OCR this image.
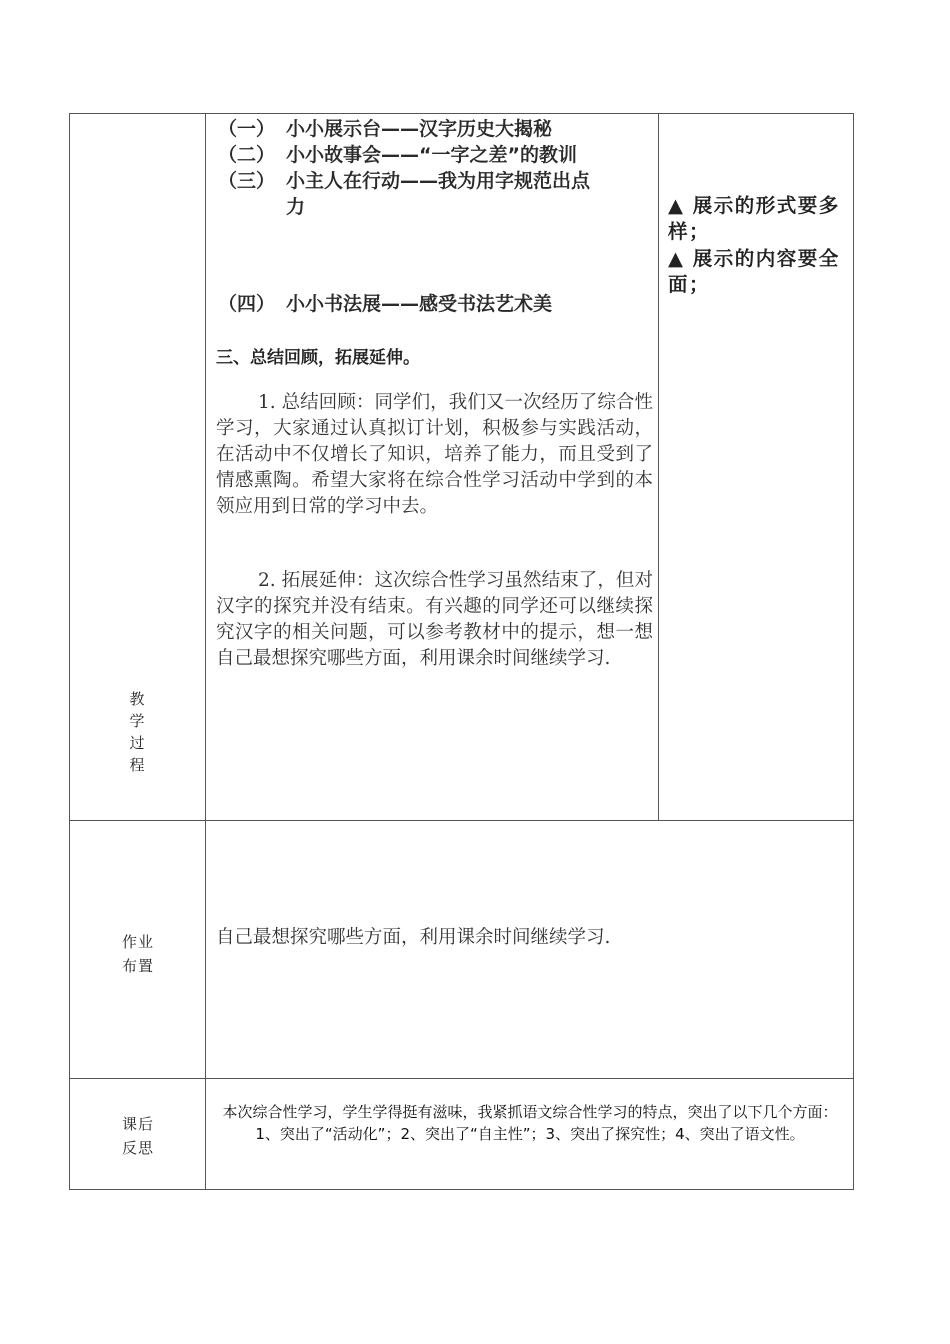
教
学
过
程
（一） 小小展示台——汉字历史大揭秘
（二） 小小故事会——“一字之差”的教训
（三） 小主人在行动——我为用字规范出点
力
（四） 小小书法展——感受书法艺术美
三、总结回顾，拓展延伸。
1. 总结回顾：同学们，我们又一次经历了综合性学习，大家通过认真拟订计划，积极参与实践活动，在活动中不仅增长了知识，培养了能力，而且受到了情感熏陶。希望大家将在综合性学习活动中学到的本领应用到日常的学习中去。
2. 拓展延伸：这次综合性学习虽然结束了，但对汉字的探究并没有结束。有兴趣的同学还可以继续探究汉字的相关问题，可以参考教材中的提示，想一想自己最想探究哪些方面，利用课余时间继续学习.
▲ 展示的形式要多样；
▲ 展示的内容要全面；
作业
布置
自己最想探究哪些方面，利用课余时间继续学习.
课后
反思
本次综合性学习，学生学得挺有滋味，我紧抓语文综合性学习的特点，突出了以下几个方面：1、突出了“活动化”；2、突出了“自主性”；3、突出了探究性；4、突出了语文性。
